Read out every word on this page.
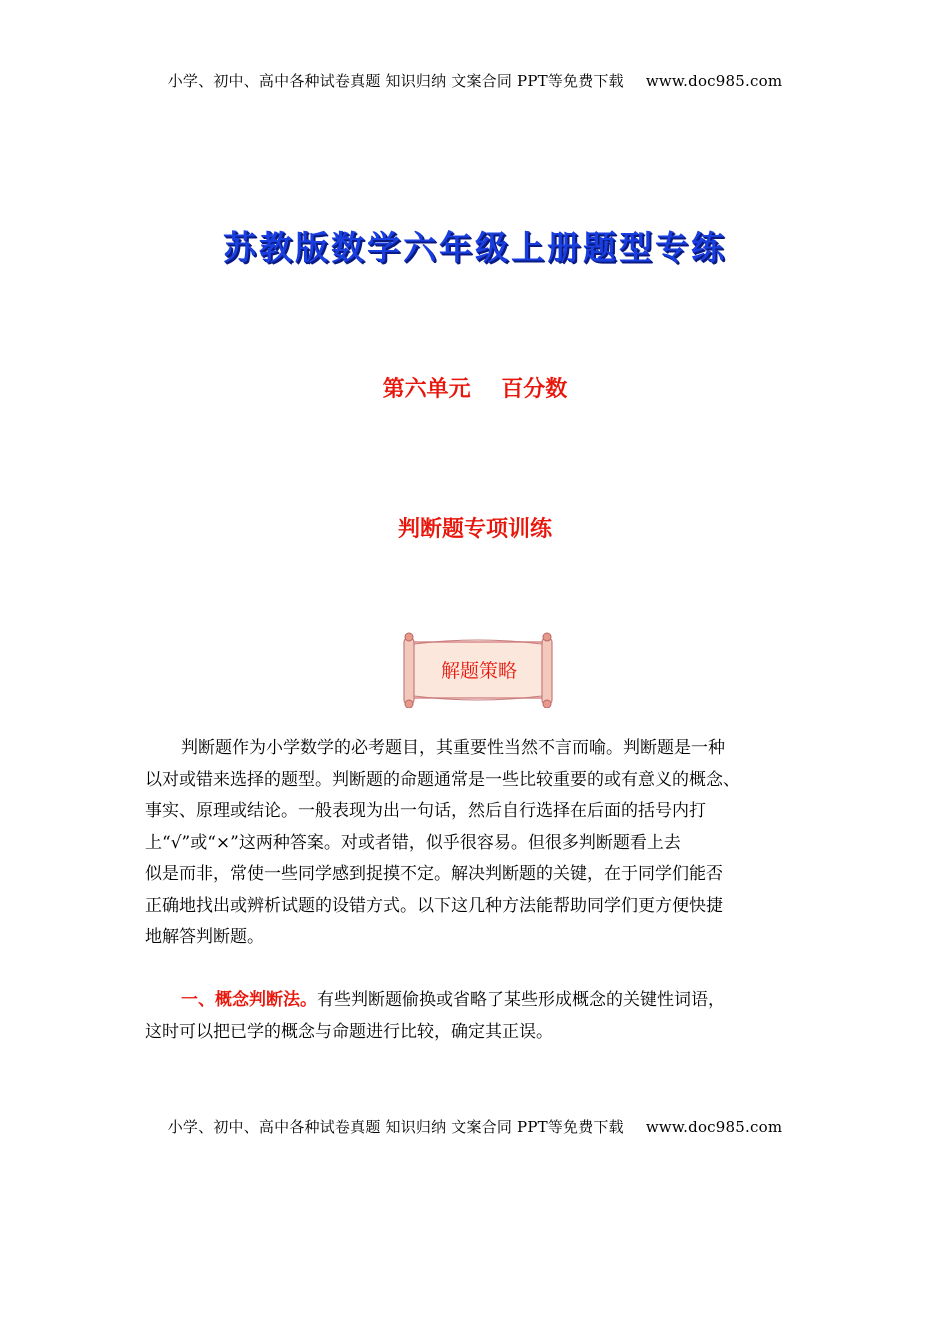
小学、初中、高中各种试卷真题 知识归纳 文案合同 PPT等免费下载 www.doc985.com
苏教版数学六年级上册题型专练
第六单元    百分数
判断题专项训练
解题策略
判断题作为小学数学的必考题目，其重要性当然不言而喻。判断题是一种
以对或错来选择的题型。判断题的命题通常是一些比较重要的或有意义的概念、
事实、原理或结论。一般表现为出一句话，然后自行选择在后面的括号内打
上“√”或“×”这两种答案。对或者错，似乎很容易。但很多判断题看上去
似是而非，常使一些同学感到捉摸不定。解决判断题的关键，在于同学们能否
正确地找出或辨析试题的设错方式。以下这几种方法能帮助同学们更方便快捷
地解答判断题。
一、概念判断法。有些判断题偷换或省略了某些形成概念的关键性词语，
这时可以把已学的概念与命题进行比较，确定其正误。
小学、初中、高中各种试卷真题 知识归纳 文案合同 PPT等免费下载 www.doc985.com
